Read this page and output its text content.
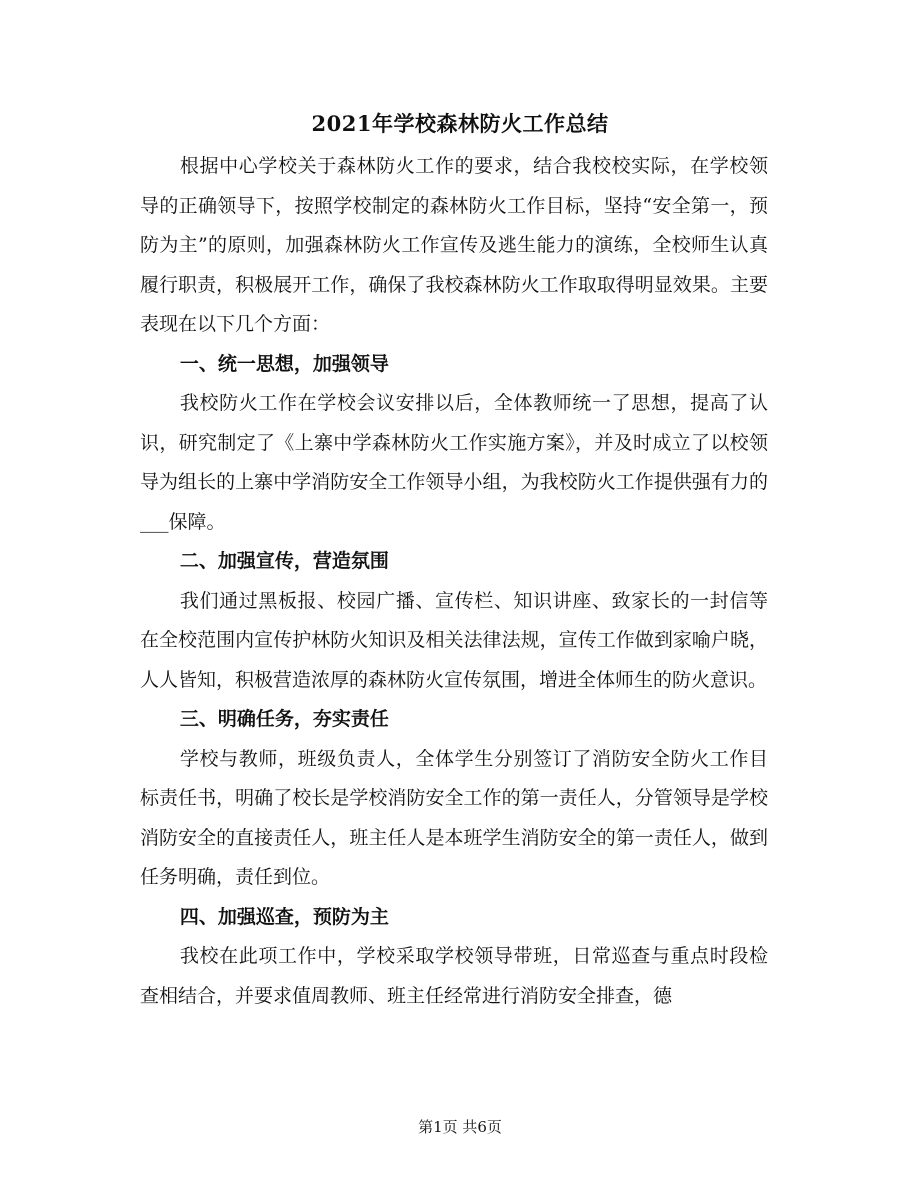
2021年学校森林防火工作总结

根据中心学校关于森林防火工作的要求，结合我校校实际，在学校领导的正确领导下，按照学校制定的森林防火工作目标，坚持“安全第一，预防为主”的原则，加强森林防火工作宣传及逃生能力的演练，全校师生认真履行职责，积极展开工作，确保了我校森林防火工作取取得明显效果。主要表现在以下几个方面：

一、统一思想，加强领导

我校防火工作在学校会议安排以后，全体教师统一了思想，提高了认识，研究制定了《上寨中学森林防火工作实施方案》，并及时成立了以校领导为组长的上寨中学消防安全工作领导小组，为我校防火工作提供强有力的___保障。

二、加强宣传，营造氛围

我们通过黑板报、校园广播、宣传栏、知识讲座、致家长的一封信等在全校范围内宣传护林防火知识及相关法律法规，宣传工作做到家喻户晓，人人皆知，积极营造浓厚的森林防火宣传氛围，增进全体师生的防火意识。

三、明确任务，夯实责任

学校与教师，班级负责人，全体学生分别签订了消防安全防火工作目标责任书，明确了校长是学校消防安全工作的第一责任人，分管领导是学校消防安全的直接责任人，班主任人是本班学生消防安全的第一责任人，做到任务明确，责任到位。

四、加强巡查，预防为主

我校在此项工作中，学校采取学校领导带班，日常巡查与重点时段检查相结合，并要求值周教师、班主任经常进行消防安全排查，德

第1页 共6页
